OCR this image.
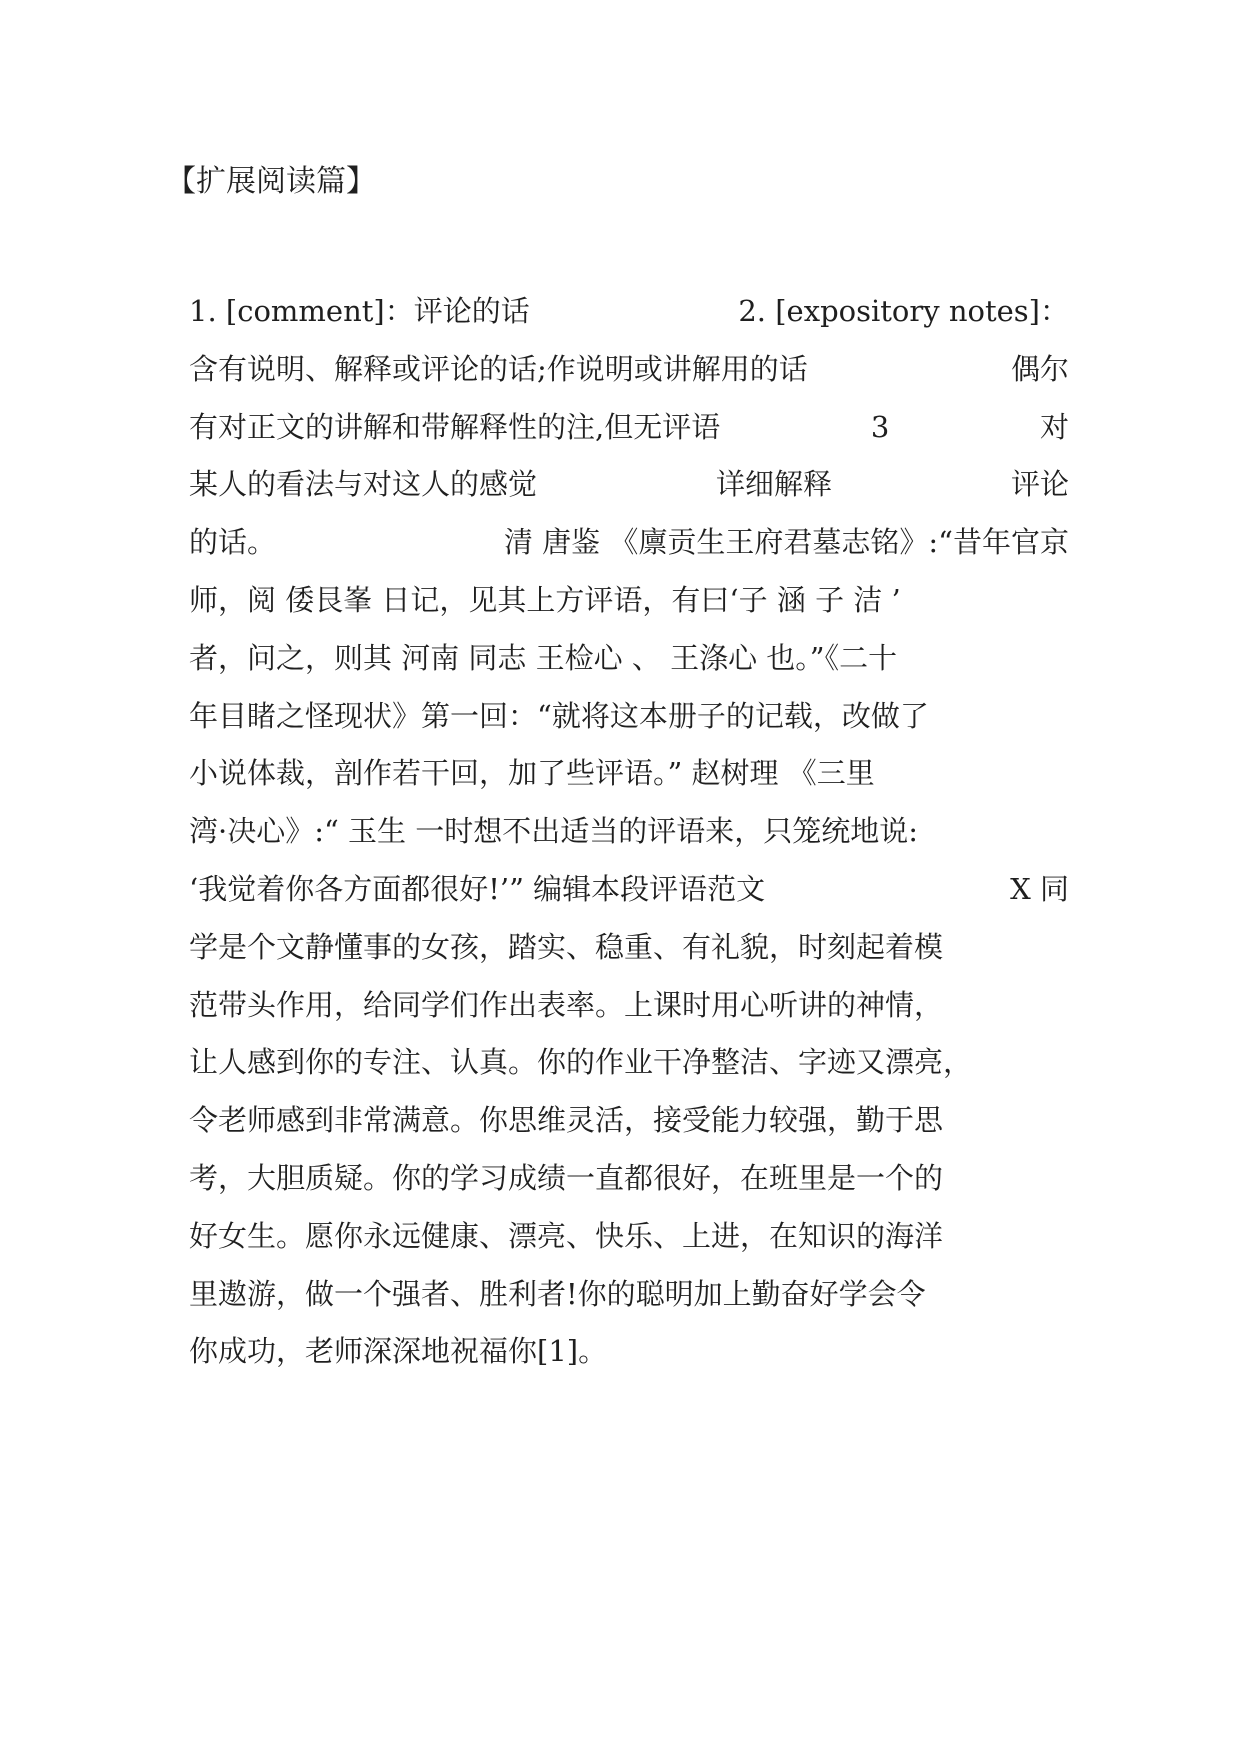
【扩展阅读篇】
1. [comment]：评论的话	2. [expository notes]：
含有说明、解释或评论的话;作说明或讲解用的话	偶尔
有对正文的讲解和带解释性的注,但无评语	3	对
某人的看法与对这人的感觉	详细解释	评论
的话。	清 唐鉴 《廪贡生王府君墓志铭》:“昔年官京
师，阅 倭艮峯 日记，见其上方评语，有曰‘子 涵 子 洁 ’
者，问之，则其 河南 同志 王检心 、 王涤心 也。”《二十
年目睹之怪现状》第一回：“就将这本册子的记载，改做了
小说体裁，剖作若干回，加了些评语。” 赵树理 《三里
湾·决心》:“ 玉生 一时想不出适当的评语来，只笼统地说:
‘我觉着你各方面都很好!’” 编辑本段评语范文	X 同
学是个文静懂事的女孩，踏实、稳重、有礼貌，时刻起着模
范带头作用，给同学们作出表率。上课时用心听讲的神情，
让人感到你的专注、认真。你的作业干净整洁、字迹又漂亮，
令老师感到非常满意。你思维灵活，接受能力较强，勤于思
考，大胆质疑。你的学习成绩一直都很好，在班里是一个的
好女生。愿你永远健康、漂亮、快乐、上进，在知识的海洋
里遨游，做一个强者、胜利者!你的聪明加上勤奋好学会令
你成功，老师深深地祝福你[1]。
